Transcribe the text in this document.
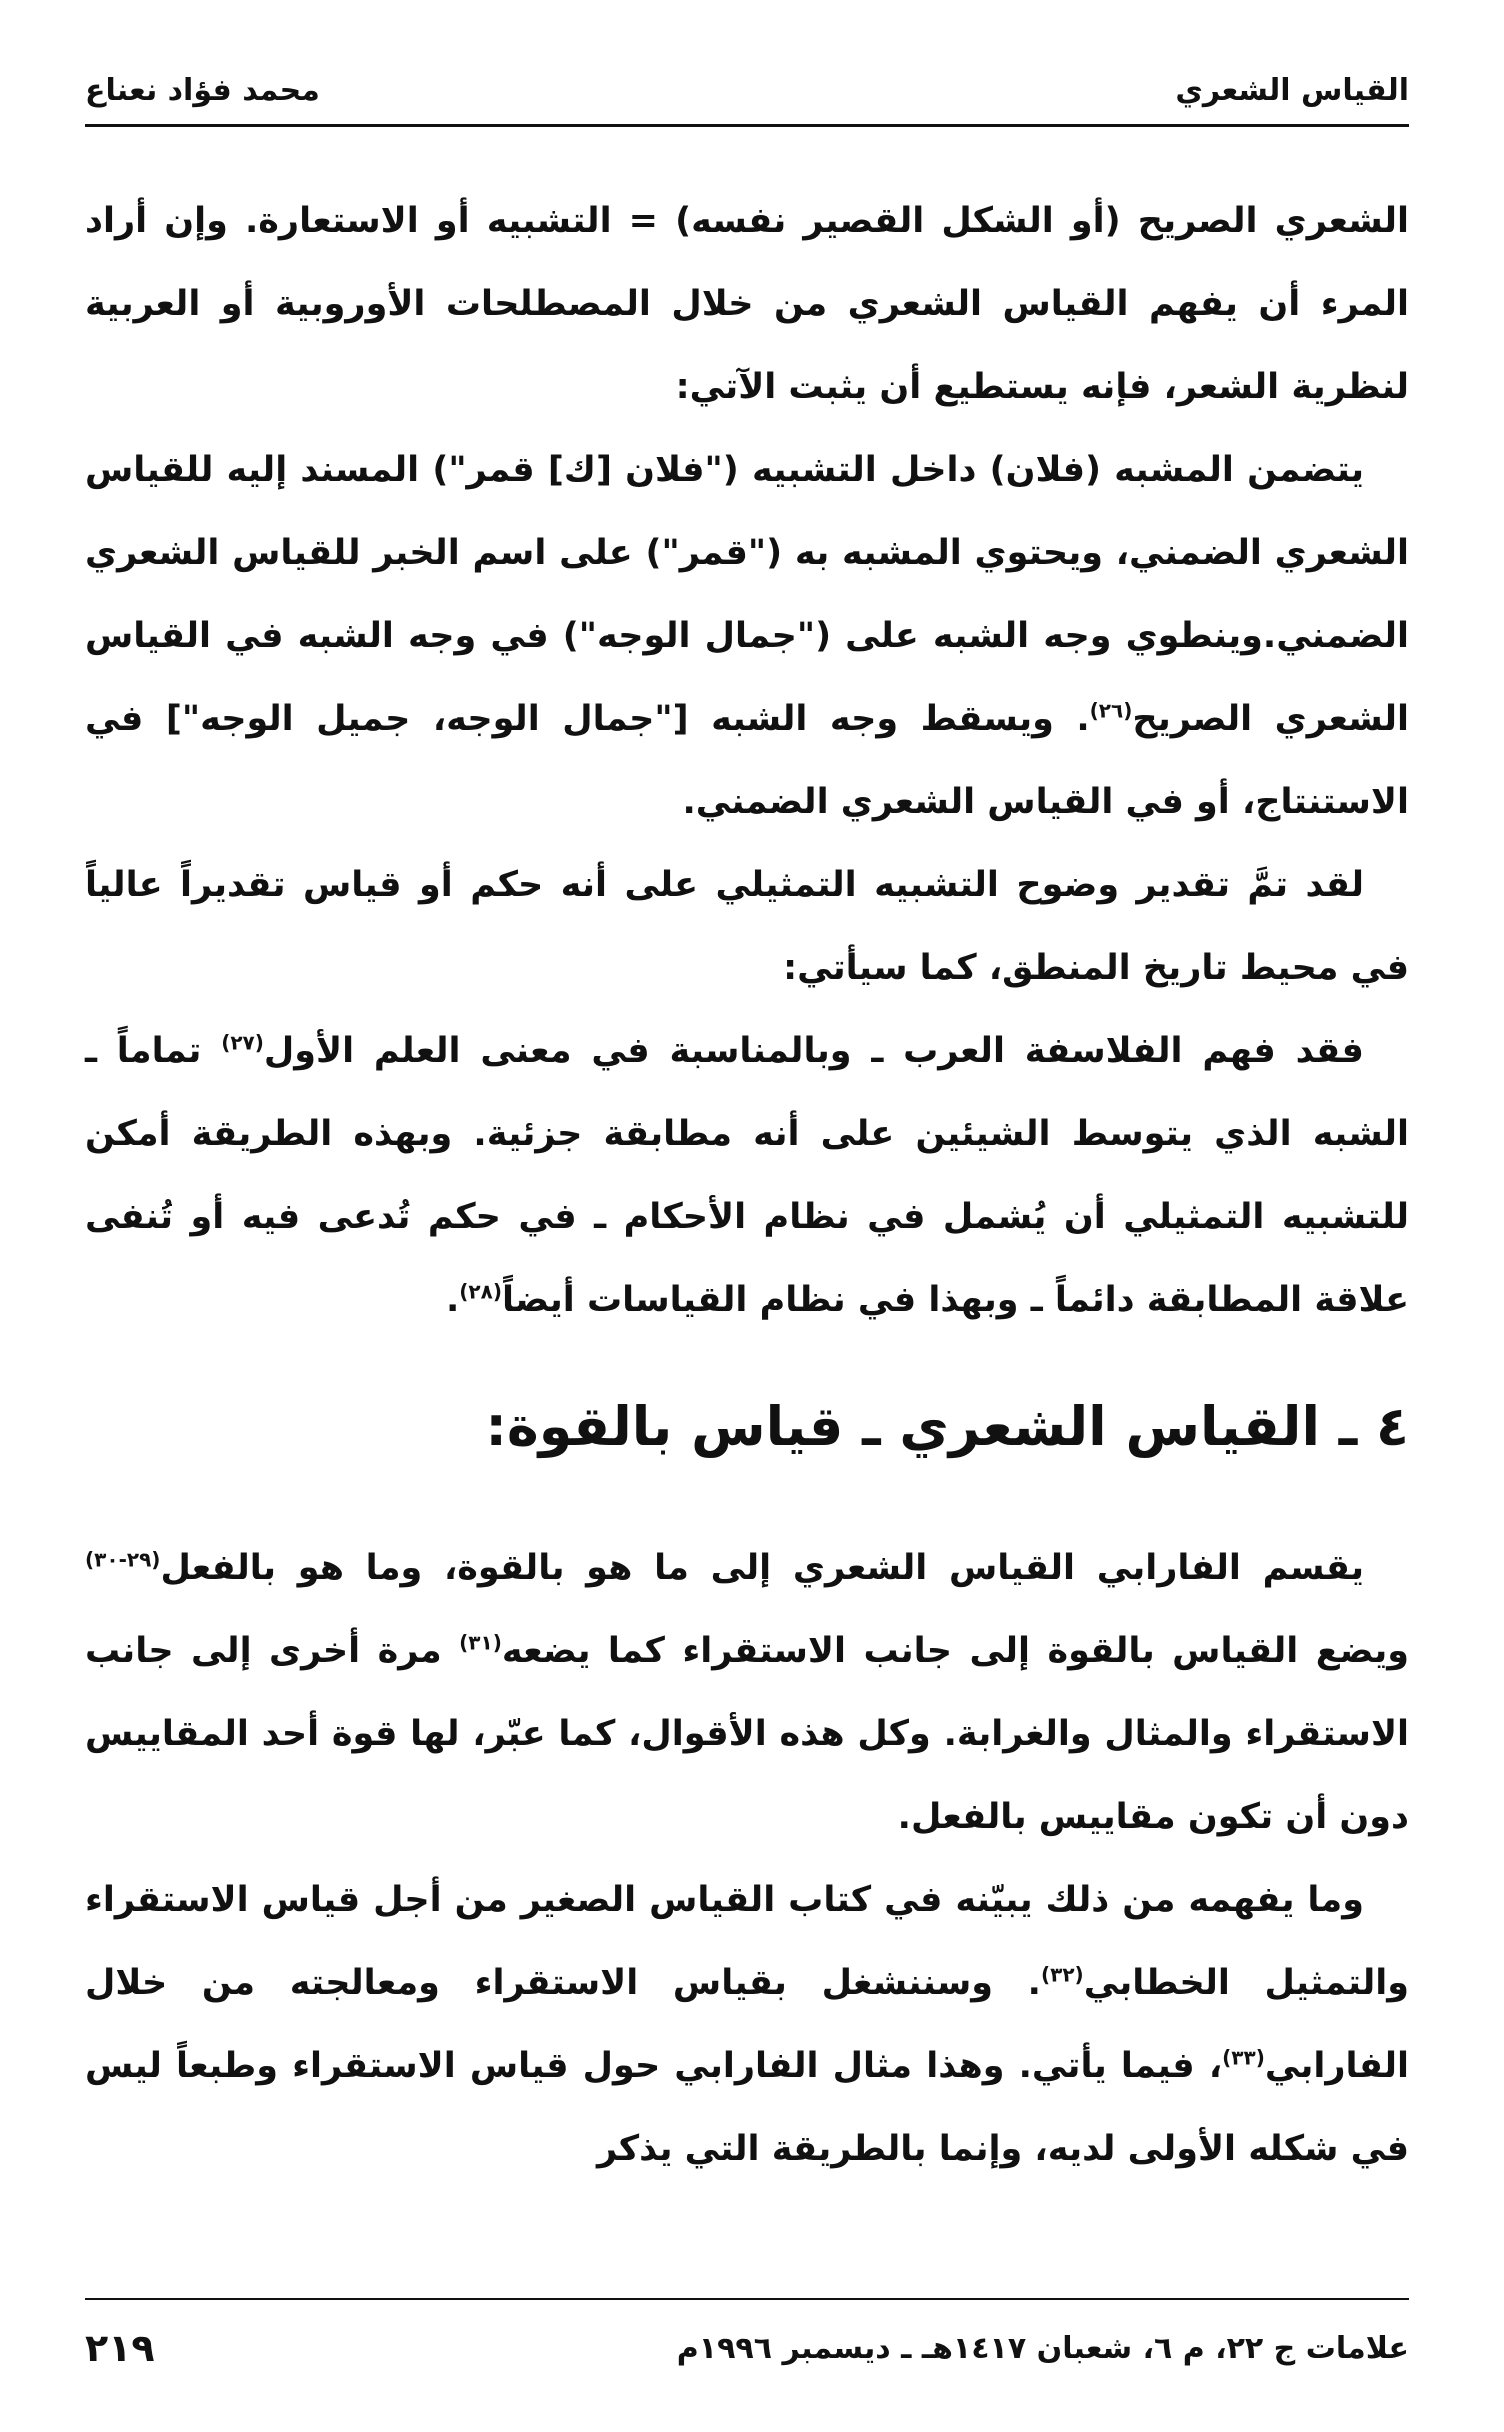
القياس الشعري
محمد فؤاد نعناع

الشعري الصريح (أو الشكل القصير نفسه) = التشبيه أو الاستعارة. وإن أراد المرء أن يفهم القياس الشعري من خلال المصطلحات الأوروبية أو العربية لنظرية الشعر، فإنه يستطيع أن يثبت الآتي:

يتضمن المشبه (فلان) داخل التشبيه ("فلان [ك] قمر") المسند إليه للقياس الشعري الضمني، ويحتوي المشبه به ("قمر") على اسم الخبر للقياس الشعري الضمني.وينطوي وجه الشبه على ("جمال الوجه") في وجه الشبه في القياس الشعري الصريح$^{(٢٦)}$. ويسقط وجه الشبه ["جمال الوجه، جميل الوجه"] في الاستنتاج، أو في القياس الشعري الضمني.

لقد تمَّ تقدير وضوح التشبيه التمثيلي على أنه حكم أو قياس تقديراً عالياً في محيط تاريخ المنطق، كما سيأتي:

فقد فهم الفلاسفة العرب ـ وبالمناسبة في معنى العلم الأول$^{(٢٧)}$ تماماً ـ الشبه الذي يتوسط الشيئين على أنه مطابقة جزئية. وبهذه الطريقة أمكن للتشبيه التمثيلي أن يُشمل في نظام الأحكام ـ في حكم تُدعى فيه أو تُنفى علاقة المطابقة دائماً ـ وبهذا في نظام القياسات أيضاً$^{(٢٨)}$.

٤ ـ القياس الشعري ـ قياس بالقوة:

يقسم الفارابي القياس الشعري إلى ما هو بالقوة، وما هو بالفعل$^{(٢٩-٣٠)}$ ويضع القياس بالقوة إلى جانب الاستقراء كما يضعه$^{(٣١)}$ مرة أخرى إلى جانب الاستقراء والمثال والغرابة. وكل هذه الأقوال، كما عبّر، لها قوة أحد المقاييس دون أن تكون مقاييس بالفعل.

وما يفهمه من ذلك يبيّنه في كتاب القياس الصغير من أجل قياس الاستقراء والتمثيل الخطابي$^{(٣٢)}$. وسننشغل بقياس الاستقراء ومعالجته من خلال الفارابي$^{(٣٣)}$، فيما يأتي. وهذا مثال الفارابي حول قياس الاستقراء وطبعاً ليس في شكله الأولى لديه، وإنما بالطريقة التي يذكر

علامات ج ٢٢، م ٦، شعبان ١٤١٧هـ ـ ديسمبر ١٩٩٦م
٢١٩
